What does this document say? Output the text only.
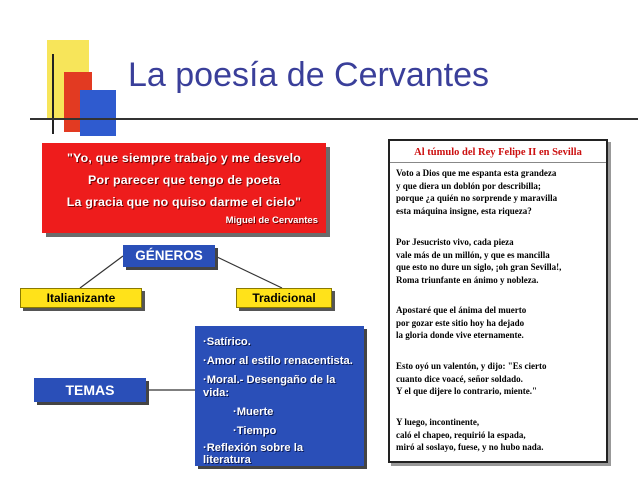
La poesía de Cervantes
"Yo, que siempre trabajo y me desvelo
Por parecer que tengo de poeta
La gracia que no quiso darme el cielo"
Miguel de Cervantes
GÉNEROS
Italianizante	Tradicional
TEMAS
·Satírico.
·Amor al estilo renacentista.
·Moral.- Desengaño de la
vida:
·Muerte
·Tiempo
·Reflexión sobre la
literatura
Al túmulo del Rey Felipe II en Sevilla
Voto a Dios que me espanta esta grandeza
y que diera un doblón por describilla;
porque ¿a quién no sorprende y maravilla
esta máquina insigne, esta riqueza?
Por Jesucristo vivo, cada pieza
vale más de un millón, y que es mancilla
que esto no dure un siglo, ¡oh gran Sevilla!,
Roma triunfante en ánimo y nobleza.
Apostaré que el ánima del muerto
por gozar este sitio hoy ha dejado
la gloria donde vive eternamente.
Esto oyó un valentón, y dijo: "Es cierto
cuanto dice voacé, señor soldado.
Y el que dijere lo contrario, miente."
Y luego, incontinente,
caló el chapeo, requirió la espada,
miró al soslayo, fuese, y no hubo nada.
